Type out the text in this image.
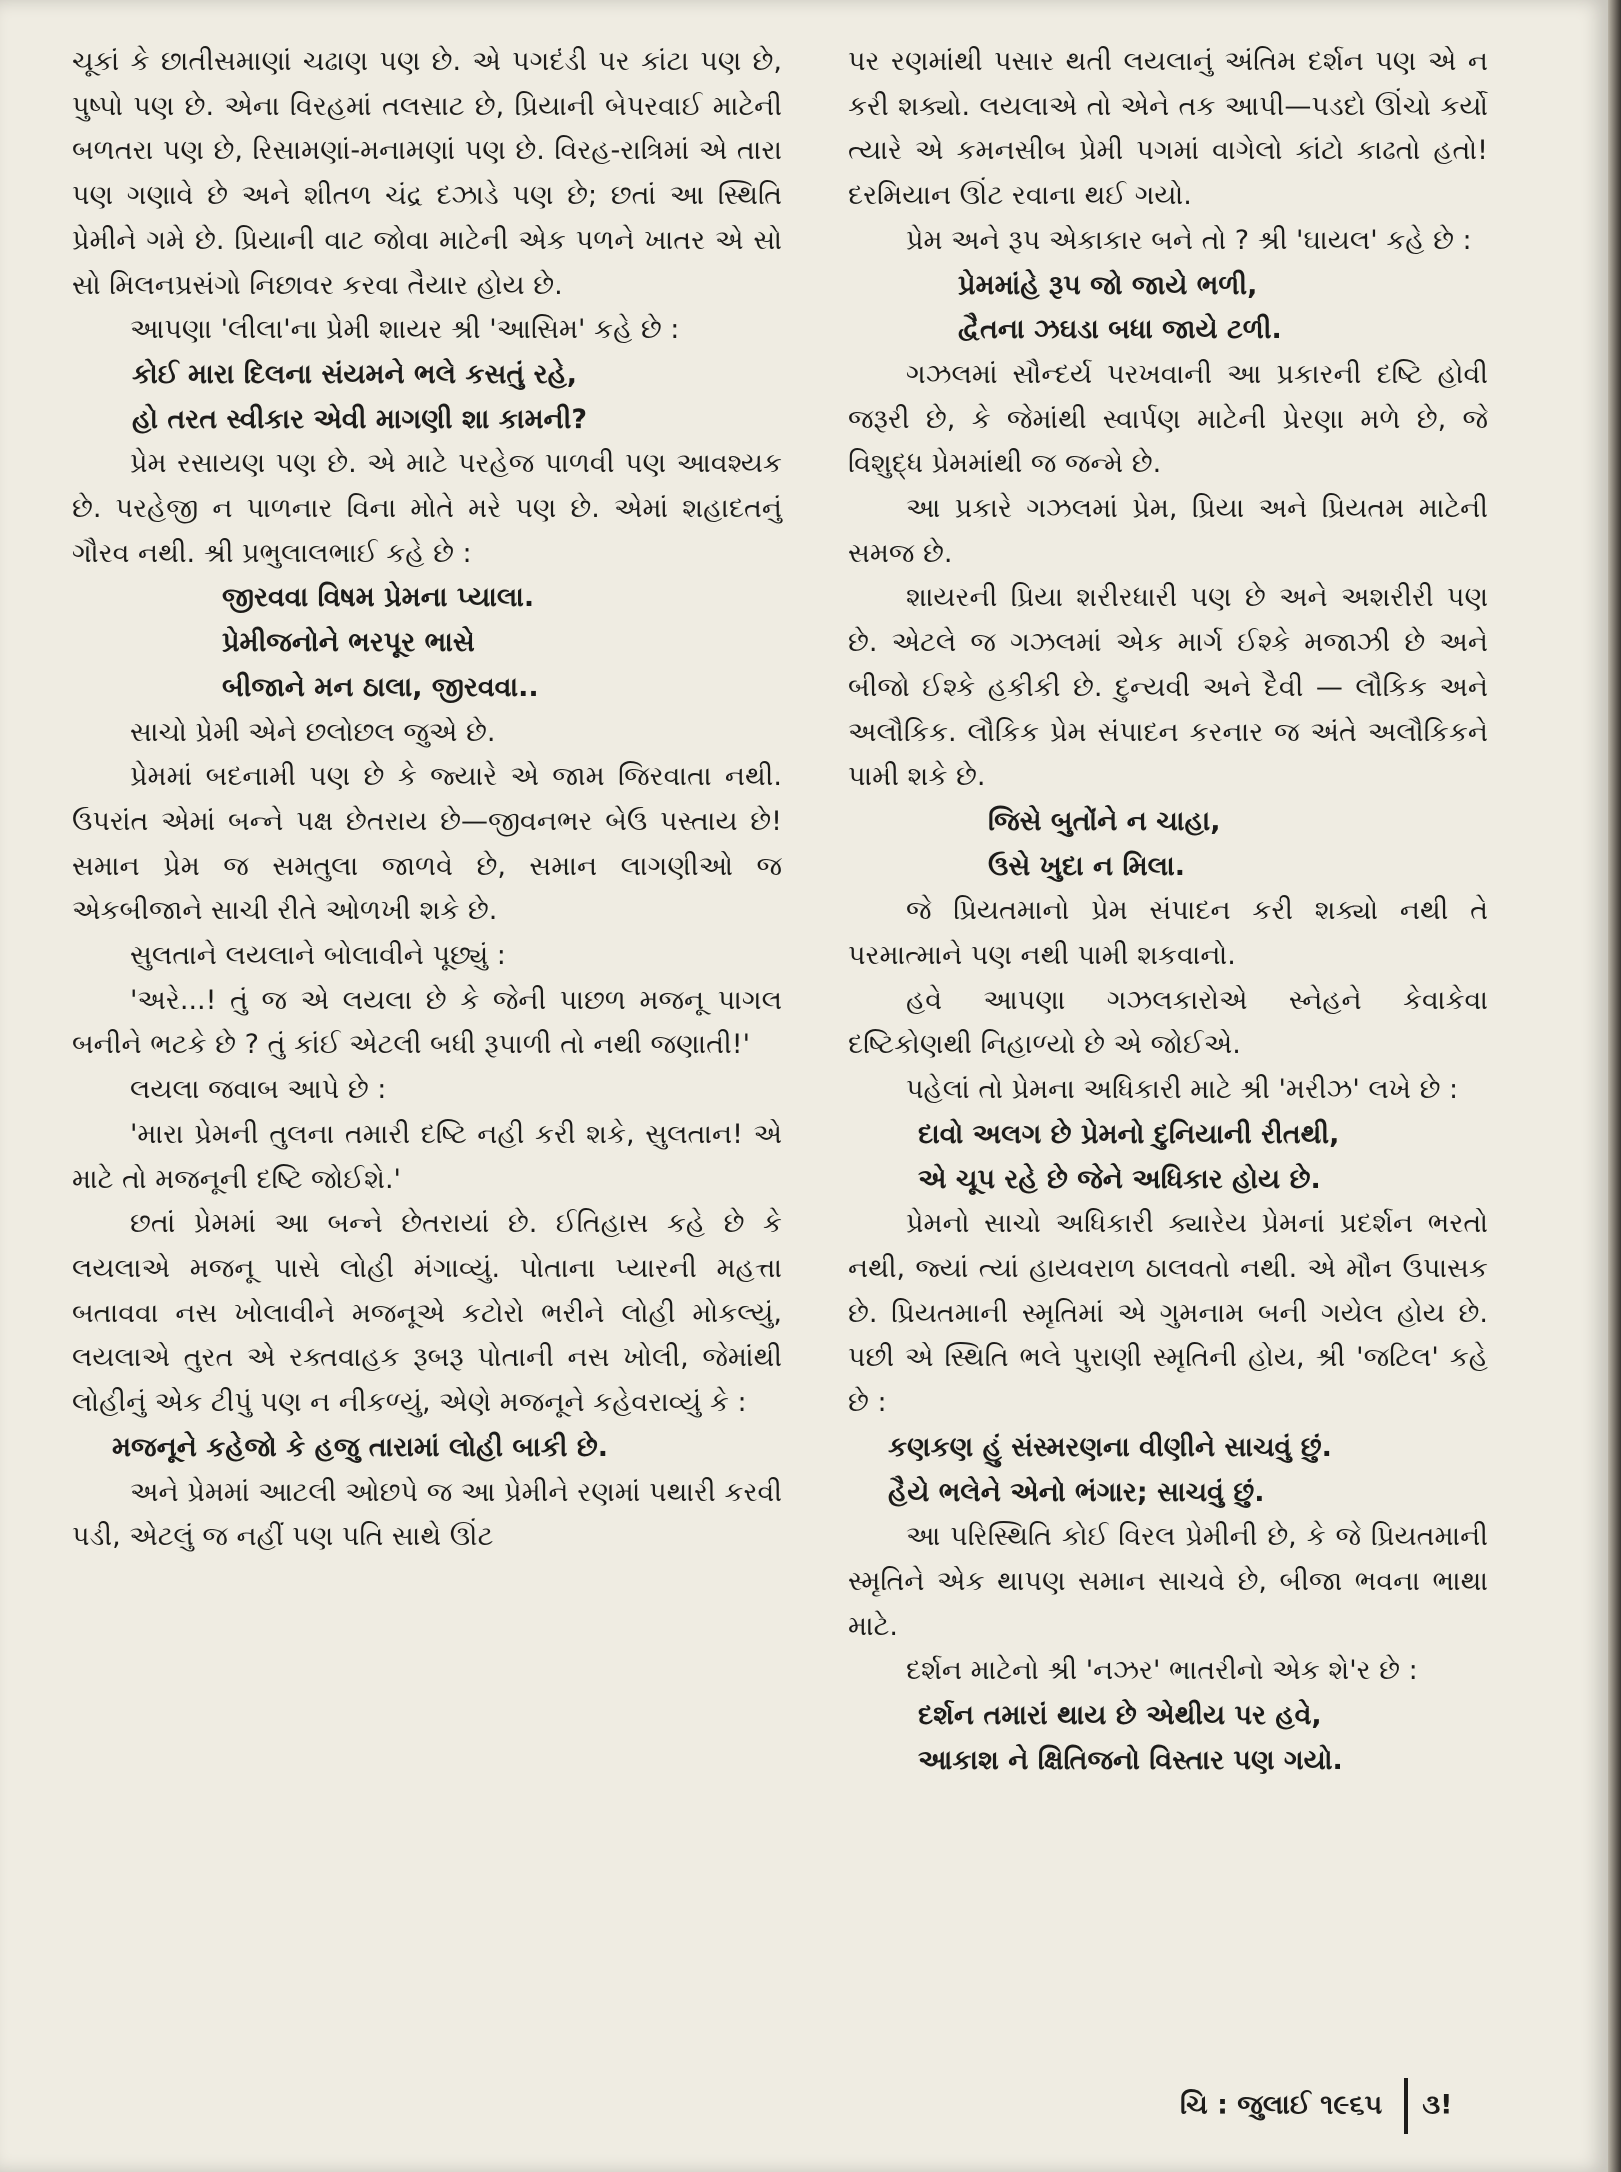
ચૂકાં કે છાતીસમાણાં ચઢાણ પણ છે. એ પગદંડી પર કાંટા પણ છે, પુષ્પો પણ છે. એના વિરહમાં તલસાટ છે, પ્રિયાની બેપરવાઈ માટેની બળતરા પણ છે, રિસામણાં-મનામણાં પણ છે. વિરહ-રાત્રિમાં એ તારા પણ ગણાવે છે અને શીતળ ચંદ્ર દઝાડે પણ છે; છતાં આ સ્થિતિ પ્રેમીને ગમે છે. પ્રિયાની વાટ જોવા માટેની એક પળને ખાતર એ સો સો મિલનપ્રસંગો નિછાવર કરવા તૈયાર હોય છે.

આપણા 'લીલા'ના પ્રેમી શાયર શ્રી 'આસિમ' કહે છે :

કોઈ મારા દિલના સંયમને ભલે કસતું રહે,
હો તરત સ્વીકાર એવી માગણી શા કામની?

પ્રેમ રસાયણ પણ છે. એ માટે પરહેજ પાળવી પણ આવશ્યક છે. પરહેજી ન પાળનાર વિના મોતે મરે પણ છે. એમાં શહાદતનું ગૌરવ નથી. શ્રી પ્રભુલાલભાઈ કહે છે :

જીરવવા વિષમ પ્રેમના પ્યાલા.
પ્રેમીજનોને ભરપૂર ભાસે
બીજાને મન ઠાલા, જીરવવા..

સાચો પ્રેમી એને છલોછલ જુએ છે.

પ્રેમમાં બદનામી પણ છે કે જ્યારે એ જામ જિરવાતા નથી. ઉપરાંત એમાં બન્ને પક્ષ છેતરાય છે—જીવનભર બેઉ પસ્તાય છે! સમાન પ્રેમ જ સમતુલા જાળવે છે, સમાન લાગણીઓ જ એકબીજાને સાચી રીતે ઓળખી શકે છે.

સુલતાને લયલાને બોલાવીને પૂછ્યું :

'અરે...! તું જ એ લયલા છે કે જેની પાછળ મજનૂ પાગલ બનીને ભટકે છે ? તું કાંઈ એટલી બધી રૂપાળી તો નથી જણાતી!'

લયલા જવાબ આપે છે :

'મારા પ્રેમની તુલના તમારી દષ્ટિ નહી કરી શકે, સુલતાન! એ માટે તો મજનૂની દષ્ટિ જોઈશે.'

છતાં પ્રેમમાં આ બન્ને છેતરાયાં છે. ઈતિહાસ કહે છે કે લયલાએ મજનૂ પાસે લોહી મંગાવ્યું. પોતાના પ્યારની મહત્તા બતાવવા નસ ખોલાવીને મજનૂએ કટોરો ભરીને લોહી મોકલ્યું, લયલાએ તુરત એ રક્તવાહક રૂબરૂ પોતાની નસ ખોલી, જેમાંથી લોહીનું એક ટીપું પણ ન નીકળ્યું, એણે મજનૂને કહેવરાવ્યું કે :

મજનૂને કહેજો કે હજુ તારામાં લોહી બાકી છે.

અને પ્રેમમાં આટલી ઓછપે જ આ પ્રેમીને રણમાં પથારી કરવી પડી, એટલું જ નહીં પણ પતિ સાથે ઊંટ

પર રણમાંથી પસાર થતી લયલાનું અંતિમ દર્શન પણ એ ન કરી શક્યો. લયલાએ તો એને તક આપી—પડદો ઊંચો કર્યો ત્યારે એ કમનસીબ પ્રેમી પગમાં વાગેલો કાંટો કાઢતો હતો! દરમિયાન ઊંટ રવાના થઈ ગયો.

પ્રેમ અને રૂપ એકાકાર બને તો ? શ્રી 'ઘાયલ' કહે છે :

પ્રેમમાંહે રૂપ જો જાયે ભળી,
દ્વૈતના ઝઘડા બધા જાયે ટળી.

ગઝલમાં સૌન્દર્ય પરખવાની આ પ્રકારની દષ્ટિ હોવી જરૂરી છે, કે જેમાંથી સ્વાર્પણ માટેની પ્રેરણા મળે છે, જે વિશુદ્ધ પ્રેમમાંથી જ જન્મે છે.

આ પ્રકારે ગઝલમાં પ્રેમ, પ્રિયા અને પ્રિયતમ માટેની સમજ છે.

શાયરની પ્રિયા શરીરધારી પણ છે અને અશરીરી પણ છે. એટલે જ ગઝલમાં એક માર્ગ ઈશ્કે મજાઝી છે અને બીજો ઈશ્કે હકીકી છે. દુન્યવી અને દૈવી — લૌકિક અને અલૌકિક. લૌકિક પ્રેમ સંપાદન કરનાર જ અંતે અલૌકિકને પામી શકે છે.

જિસે બુતોંને ન ચાહા,
ઉસે ખુદા ન મિલા.

જે પ્રિયતમાનો પ્રેમ સંપાદન કરી શક્યો નથી તે પરમાત્માને પણ નથી પામી શકવાનો.

હવે આપણા ગઝલકારોએ સ્નેહને કેવાકેવા દષ્ટિકોણથી નિહાળ્યો છે એ જોઈએ.

પહેલાં તો પ્રેમના અધિકારી માટે શ્રી 'મરીઝ' લખે છે :

દાવો અલગ છે પ્રેમનો દુનિયાની રીતથી,
એ ચૂપ રહે છે જેને અધિકાર હોય છે.

પ્રેમનો સાચો અધિકારી ક્યારેય પ્રેમનાં પ્રદર્શન ભરતો નથી, જ્યાં ત્યાં હાયવરાળ ઠાલવતો નથી. એ મૌન ઉપાસક છે. પ્રિયતમાની સ્મૃતિમાં એ ગુમનામ બની ગયેલ હોય છે. પછી એ સ્થિતિ ભલે પુરાણી સ્મૃતિની હોય, શ્રી 'જટિલ' કહે છે :

કણકણ હું સંસ્મરણના વીણીને સાચવું છું.
હૈયે ભલેને એનો ભંગાર; સાચવું છું.

આ પરિસ્થિતિ કોઈ વિરલ પ્રેમીની છે, કે જે પ્રિયતમાની સ્મૃતિને એક થાપણ સમાન સાચવે છે, બીજા ભવના ભાથા માટે.

દર્શન માટેનો શ્રી 'નઝર' ભાતરીનો એક શે'ર છે :

દર્શન તમારાં થાય છે એથીય પર હવે,
આકાશ ને ક્ષિતિજનો વિસ્તાર પણ ગયો.
ચિ : જુલાઈ ૧૯૬૫ ૩!
